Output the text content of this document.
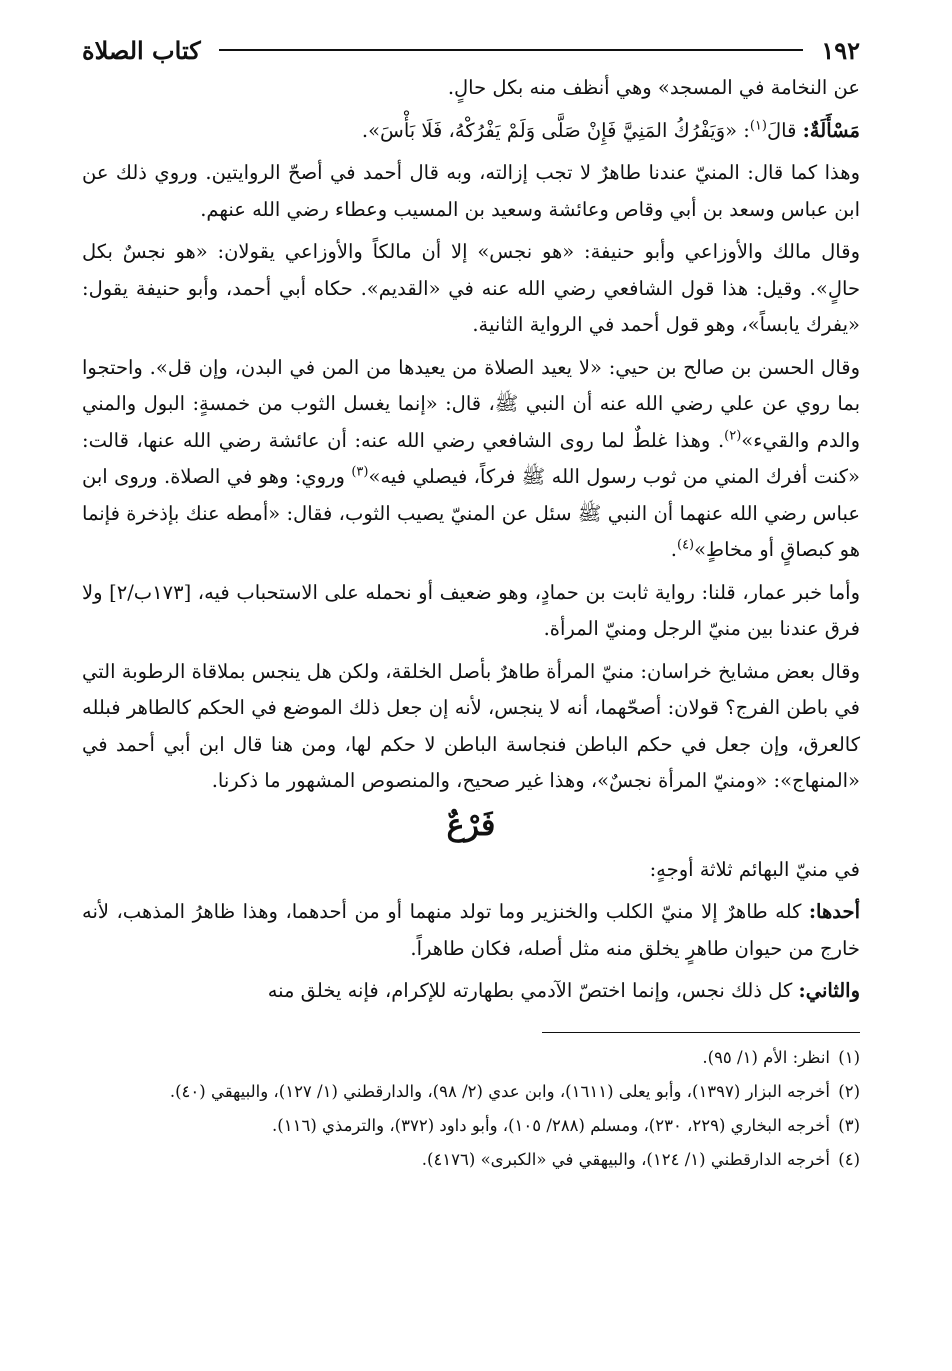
١٩٢
كتاب الصلاة

عن النخامة في المسجد» وهي أنظف منه بكل حالٍ.

مَسْأَلَةٌ: قالَ$^{(١)}$: «وَيَفْرُكُ المَنِيَّ فَإِنْ صَلَّى وَلَمْ يَفْرُكْهُ، فَلَا بَأْسَ».

وهذا كما قال: المنيّ عندنا طاهرٌ لا تجب إزالته، وبه قال أحمد في أصحّ الروايتين. وروي ذلك عن ابن عباس وسعد بن أبي وقاص وعائشة وسعيد بن المسيب وعطاء رضي الله عنهم.

وقال مالك والأوزاعي وأبو حنيفة: «هو نجس» إلا أن مالكاً والأوزاعي يقولان: «هو نجسٌ بكل حالٍ». وقيل: هذا قول الشافعي رضي الله عنه في «القديم». حكاه أبي أحمد، وأبو حنيفة يقول: «يفرك يابساً»، وهو قول أحمد في الرواية الثانية.

وقال الحسن بن صالح بن حيي: «لا يعيد الصلاة من يعيدها من المن في البدن، وإن قل». واحتجوا بما روي عن علي رضي الله عنه أن النبي ﷺ، قال: «إنما يغسل الثوب من خمسةٍ: البول والمني والدم والقيء»$^{(٢)}$. وهذا غلطٌ لما روى الشافعي رضي الله عنه: أن عائشة رضي الله عنها، قالت: «كنت أفرك المني من ثوب رسول الله ﷺ فركاً، فيصلي فيه»$^{(٣)}$ وروي: وهو في الصلاة. وروى ابن عباس رضي الله عنهما أن النبي ﷺ سئل عن المنيّ يصيب الثوب، فقال: «أمطه عنك بإذخرة فإنما هو كبصاقٍ أو مخاطٍ»$^{(٤)}$.

وأما خبر عمار، قلنا: رواية ثابت بن حمادٍ، وهو ضعيف أو نحمله على الاستحباب فيه، [١٧٣ب/٢] ولا فرق عندنا بين منيّ الرجل ومنيّ المرأة.

وقال بعض مشايخ خراسان: منيّ المرأة طاهرٌ بأصل الخلقة، ولكن هل ينجس بملاقاة الرطوبة التي في باطن الفرج؟ قولان: أصحّهما، أنه لا ينجس، لأنه إن جعل ذلك الموضع في الحكم كالطاهر فبلله كالعرق، وإن جعل في حكم الباطن فنجاسة الباطن لا حكم لها، ومن هنا قال ابن أبي أحمد في «المنهاج»: «ومنيّ المرأة نجسٌ»، وهذا غير صحيح، والمنصوص المشهور ما ذكرنا.

فَرْعٌ

في منيّ البهائم ثلاثة أوجهٍ:

أحدها: كله طاهرٌ إلا منيّ الكلب والخنزير وما تولد منهما أو من أحدهما، وهذا ظاهرُ المذهب، لأنه خارج من حيوان طاهرٍ يخلق منه مثل أصله، فكان طاهراً.

والثاني: كل ذلك نجس، وإنما اختصّ الآدمي بطهارته للإكرام، فإنه يخلق منه

(١)
انظر: الأم (١/ ٩٥).
(٢)
أخرجه البزار (١٣٩٧)، وأبو يعلى (١٦١١)، وابن عدي (٢/ ٩٨)، والدارقطني (١/ ١٢٧)، والبيهقي (٤٠).
(٣)
أخرجه البخاري (٢٢٩، ٢٣٠)، ومسلم (٢٨٨/ ١٠٥)، وأبو داود (٣٧٢)، والترمذي (١١٦).
(٤)
أخرجه الدارقطني (١/ ١٢٤)، والبيهقي في «الكبرى» (٤١٧٦).
